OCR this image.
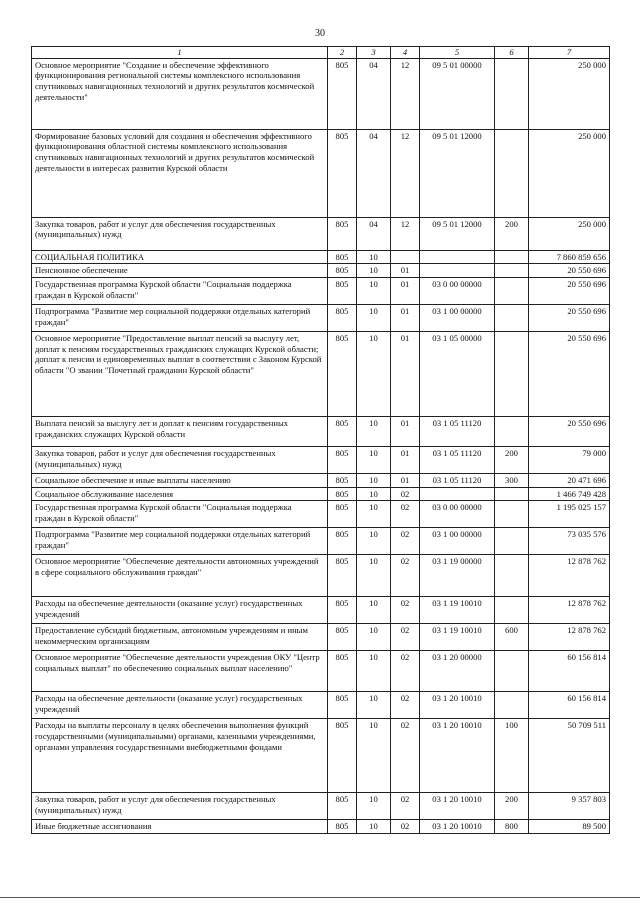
30
1	2	3	4	5	6	7
Основное мероприятие "Создание и обеспечение эффективного функционирования региональной системы комплексного использования спутниковых навигационных технологий и других результатов космической деятельности"	805	04	12	09 5 01 00000		250 000
Формирование базовых условий для создания и обеспечения эффективного функционирования областной системы комплексного использования спутниковых навигационных технологий и других результатов космической деятельности в интересах развития Курской области	805	04	12	09 5 01 12000		250 000
Закупка товаров, работ и услуг для обеспечения государственных (муниципальных) нужд	805	04	12	09 5 01 12000	200	250 000
СОЦИАЛЬНАЯ ПОЛИТИКА	805	10				7 860 859 656
Пенсионное обеспечение	805	10	01			20 550 696
Государственная программа Курской области "Социальная поддержка граждан в Курской области"	805	10	01	03 0 00 00000		20 550 696
Подпрограмма "Развитие мер социальной поддержки отдельных категорий граждан"	805	10	01	03 1 00 00000		20 550 696
Основное мероприятие "Предоставление выплат пенсий за выслугу лет, доплат к пенсиям государственных гражданских служащих Курской области; доплат к пенсии и единовременных выплат в соответствии с Законом Курской области "О звании "Почетный гражданин Курской области"	805	10	01	03 1 05 00000		20 550 696
Выплата пенсий за выслугу лет и доплат к пенсиям государственных гражданских служащих Курской области	805	10	01	03 1 05 11120		20 550 696
Закупка товаров, работ и услуг для обеспечения государственных (муниципальных) нужд	805	10	01	03 1 05 11120	200	79 000
Социальное обеспечение и иные выплаты населению	805	10	01	03 1 05 11120	300	20 471 696
Социальное обслуживание населения	805	10	02			1 466 749 428
Государственная программа Курской области "Социальная поддержка граждан в Курской области"	805	10	02	03 0 00 00000		1 195 025 157
Подпрограмма "Развитие мер социальной поддержки отдельных категорий граждан"	805	10	02	03 1 00 00000		73 035 576
Основное мероприятие "Обеспечение деятельности автономных учреждений в сфере социального обслуживания граждан"	805	10	02	03 1 19 00000		12 878 762
Расходы на обеспечение деятельности (оказание услуг) государственных учреждений	805	10	02	03 1 19 10010		12 878 762
Предоставление субсидий бюджетным, автономным учреждениям и иным некоммерческим организациям	805	10	02	03 1 19 10010	600	12 878 762
Основное мероприятие "Обеспечение деятельности учреждения ОКУ "Центр социальных выплат" по обеспечению социальных выплат населению"	805	10	02	03 1 20 00000		60 156 814
Расходы на обеспечение деятельности (оказание услуг) государственных учреждений	805	10	02	03 1 20 10010		60 156 814
Расходы на выплаты персоналу в целях обеспечения выполнения функций государственными (муниципальными) органами, казенными учреждениями, органами управления государственными внебюджетными фондами	805	10	02	03 1 20 10010	100	50 709 511
Закупка товаров, работ и услуг для обеспечения государственных (муниципальных) нужд	805	10	02	03 1 20 10010	200	9 357 803
Иные бюджетные ассигнования	805	10	02	03 1 20 10010	800	89 500
